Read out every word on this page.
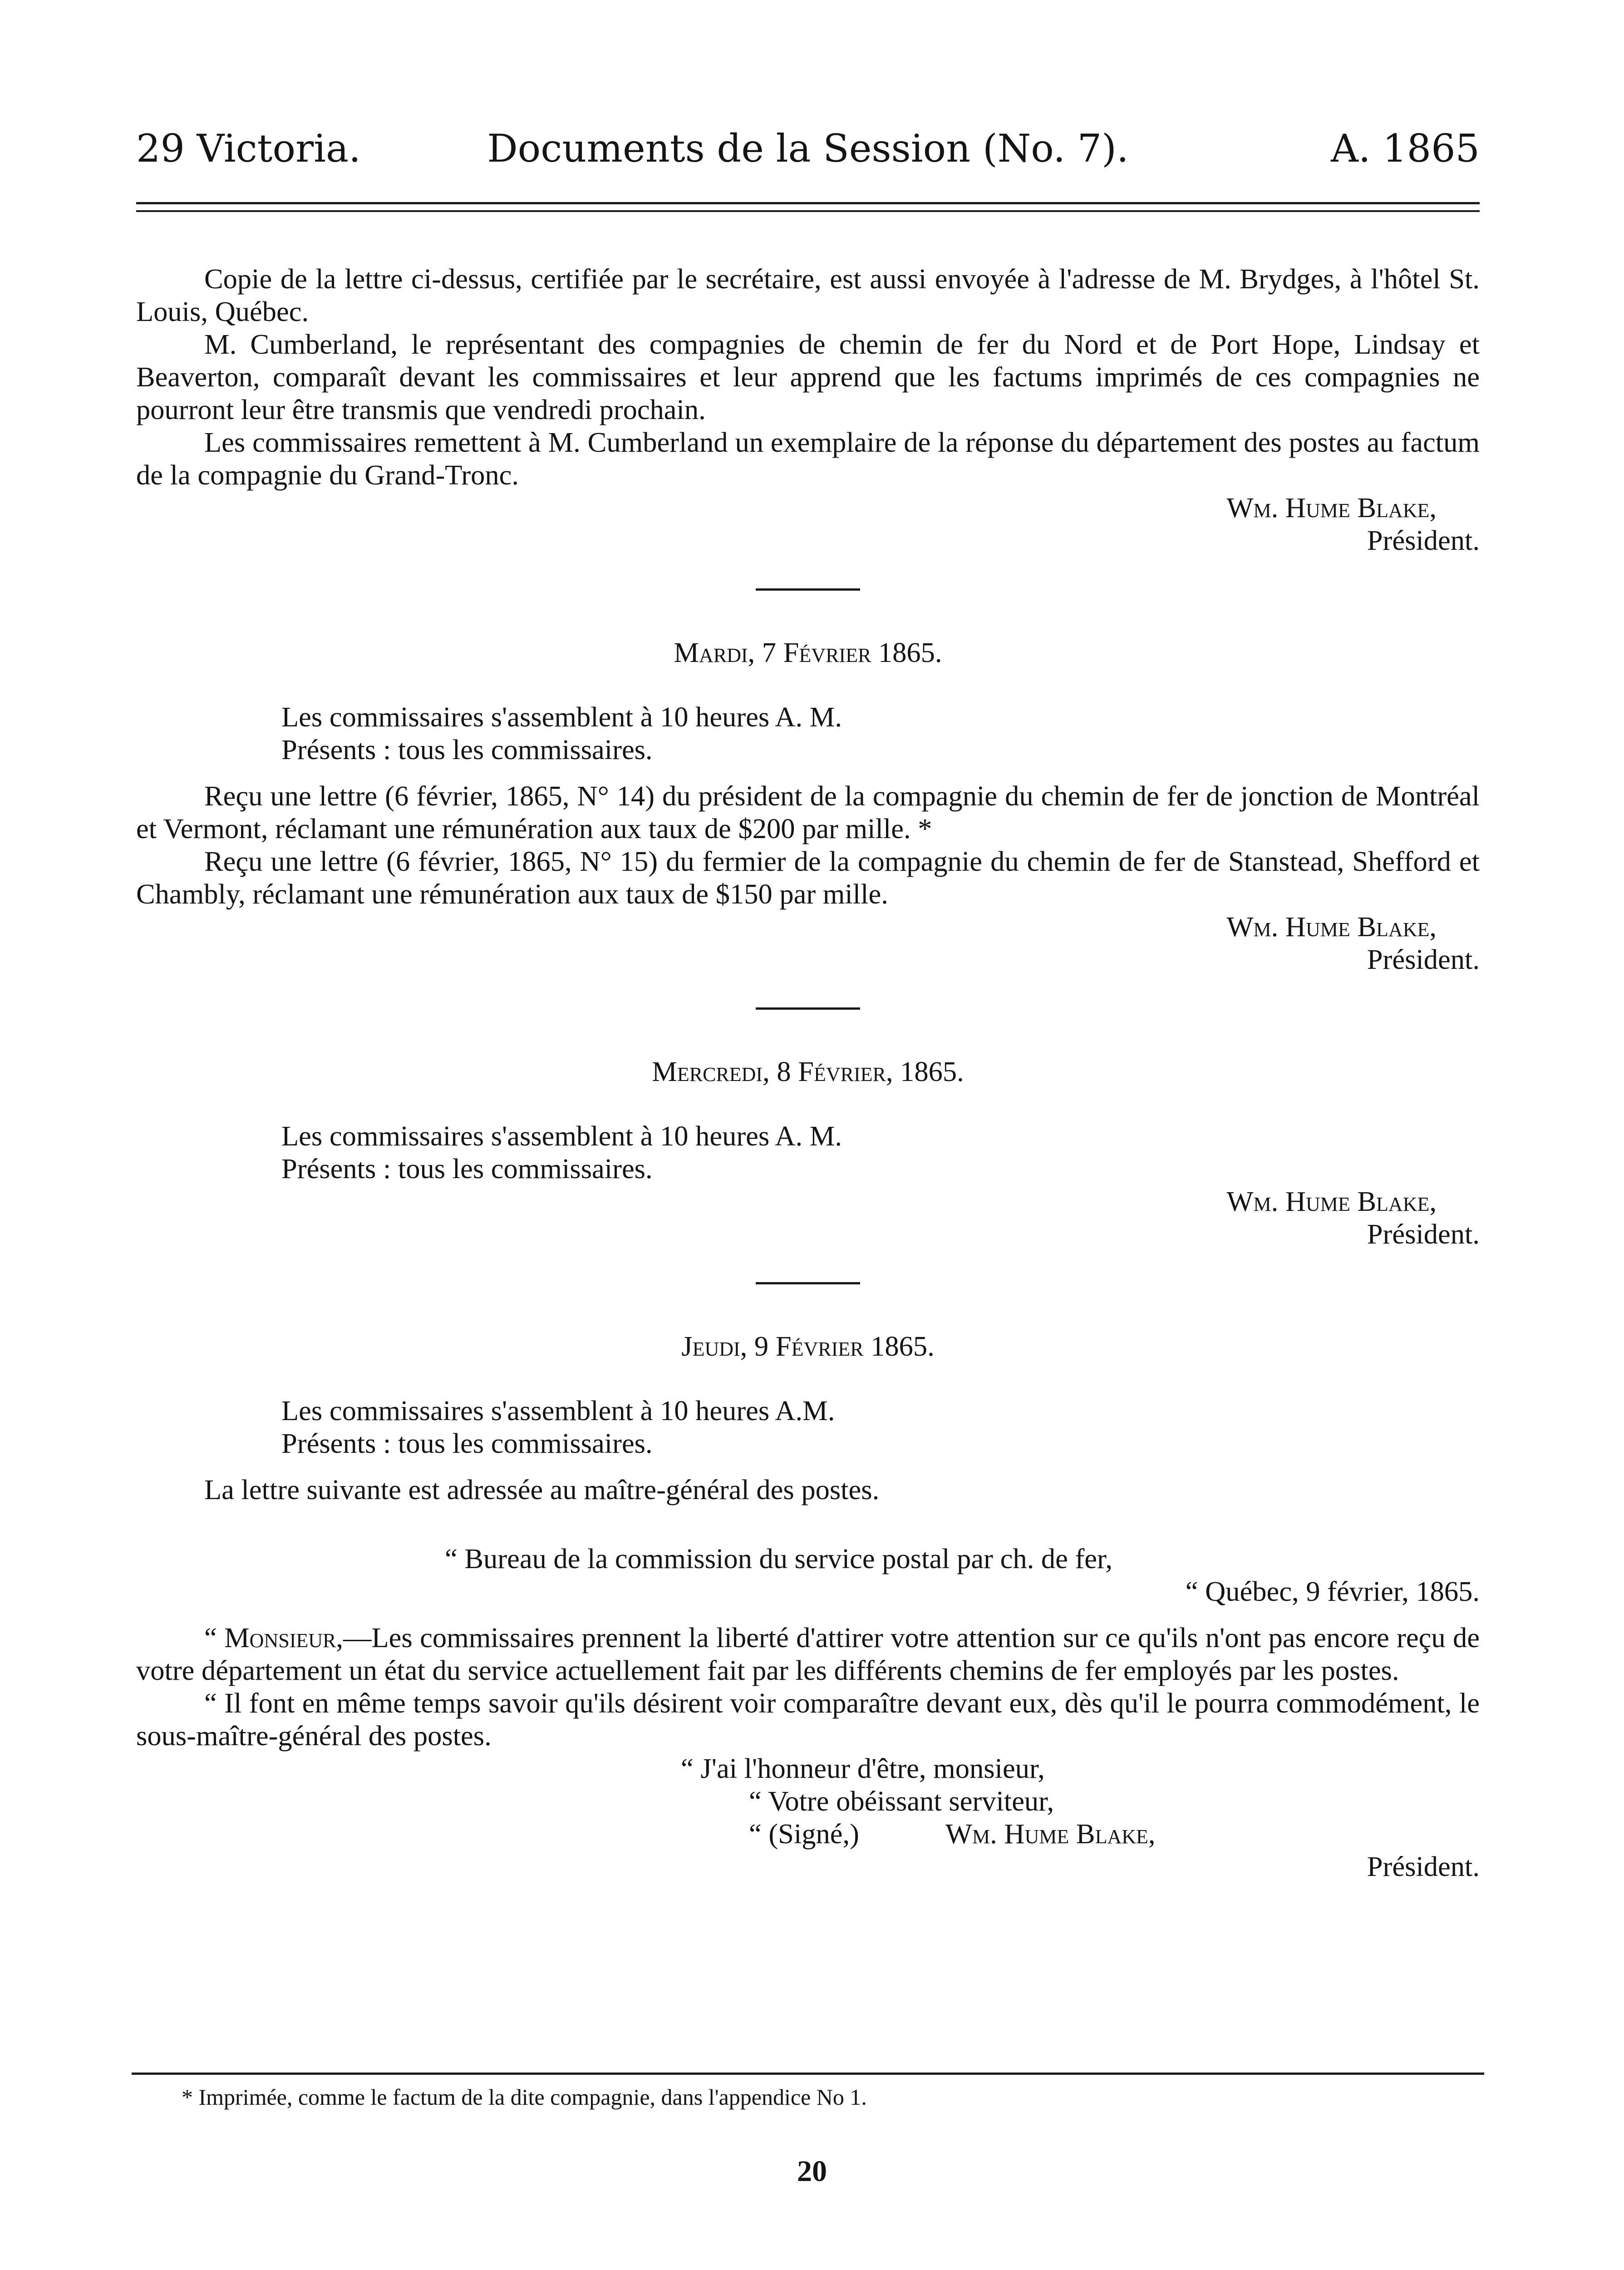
29 Victoria.	Documents de la Session (No. 7).	A. 1865

Copie de la lettre ci-dessus, certifiée par le secrétaire, est aussi envoyée à l'adresse de M. Brydges, à l'hôtel St. Louis, Québec.

M. Cumberland, le représentant des compagnies de chemin de fer du Nord et de Port Hope, Lindsay et Beaverton, comparaît devant les commissaires et leur apprend que les factums imprimés de ces compagnies ne pourront leur être transmis que vendredi prochain.

Les commissaires remettent à M. Cumberland un exemplaire de la réponse du département des postes au factum de la compagnie du Grand-Tronc.

Wm. Hume Blake,
Président.
Mardi, 7 Février 1865.

Les commissaires s'assemblent à 10 heures A. M.

Présents : tous les commissaires.

Reçu une lettre (6 février, 1865, N° 14) du président de la compagnie du chemin de fer de jonction de Montréal et Vermont, réclamant une rémunération aux taux de $200 par mille. *

Reçu une lettre (6 février, 1865, N° 15) du fermier de la compagnie du chemin de fer de Stanstead, Shefford et Chambly, réclamant une rémunération aux taux de $150 par mille.

Wm. Hume Blake,
Président.
Mercredi, 8 Février, 1865.

Les commissaires s'assemblent à 10 heures A. M.

Présents : tous les commissaires.

Wm. Hume Blake,
Président.
Jeudi, 9 Février 1865.

Les commissaires s'assemblent à 10 heures A.M.

Présents : tous les commissaires.

La lettre suivante est adressée au maître-général des postes.

“ Bureau de la commission du service postal par ch. de fer,

“ Québec, 9 février, 1865.

“ Monsieur,—Les commissaires prennent la liberté d'attirer votre attention sur ce qu'ils n'ont pas encore reçu de votre département un état du service actuellement fait par les différents chemins de fer employés par les postes.

“ Il font en même temps savoir qu'ils désirent voir comparaître devant eux, dès qu'il le pourra commodément, le sous-maître-général des postes.

“ J'ai l'honneur d'être, monsieur,

“ Votre obéissant serviteur,

“ (Signé,)	Wm. Hume Blake,

Président.
* Imprimée, comme le factum de la dite compagnie, dans l'appendice No 1.
20
